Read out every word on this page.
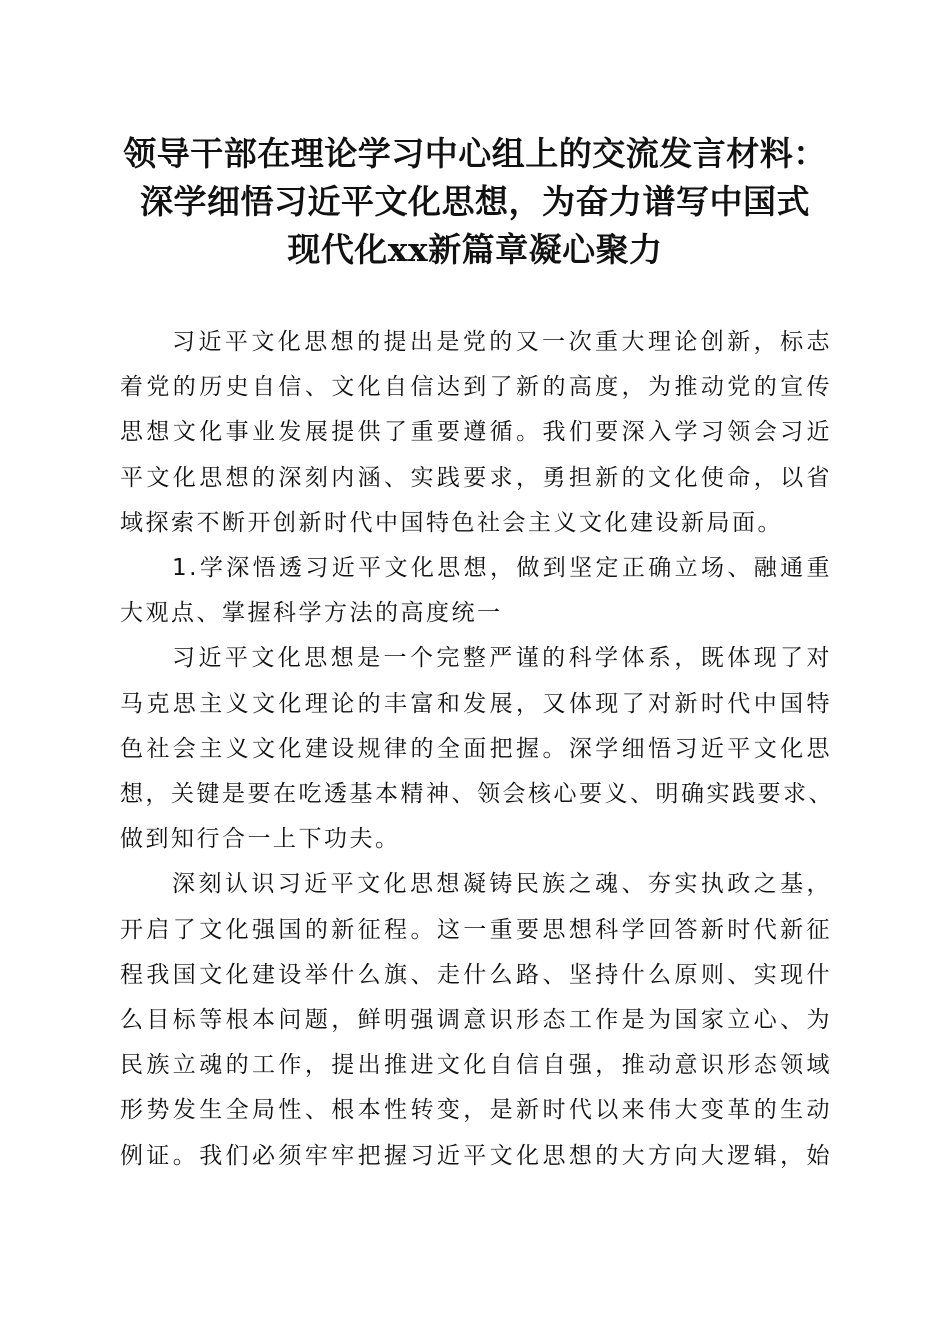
领导干部在理论学习中心组上的交流发言材料：
深学细悟习近平文化思想，为奋力谱写中国式
现代化xx新篇章凝心聚力

习近平文化思想的提出是党的又一次重大理论创新，标志
着党的历史自信、文化自信达到了新的高度，为推动党的宣传
思想文化事业发展提供了重要遵循。我们要深入学习领会习近
平文化思想的深刻内涵、实践要求，勇担新的文化使命，以省
域探索不断开创新时代中国特色社会主义文化建设新局面。

1.学深悟透习近平文化思想，做到坚定正确立场、融通重
大观点、掌握科学方法的高度统一

习近平文化思想是一个完整严谨的科学体系，既体现了对
马克思主义文化理论的丰富和发展，又体现了对新时代中国特
色社会主义文化建设规律的全面把握。深学细悟习近平文化思
想，关键是要在吃透基本精神、领会核心要义、明确实践要求、
做到知行合一上下功夫。

深刻认识习近平文化思想凝铸民族之魂、夯实执政之基，
开启了文化强国的新征程。这一重要思想科学回答新时代新征
程我国文化建设举什么旗、走什么路、坚持什么原则、实现什
么目标等根本问题，鲜明强调意识形态工作是为国家立心、为
民族立魂的工作，提出推进文化自信自强，推动意识形态领域
形势发生全局性、根本性转变，是新时代以来伟大变革的生动
例证。我们必须牢牢把握习近平文化思想的大方向大逻辑，始
